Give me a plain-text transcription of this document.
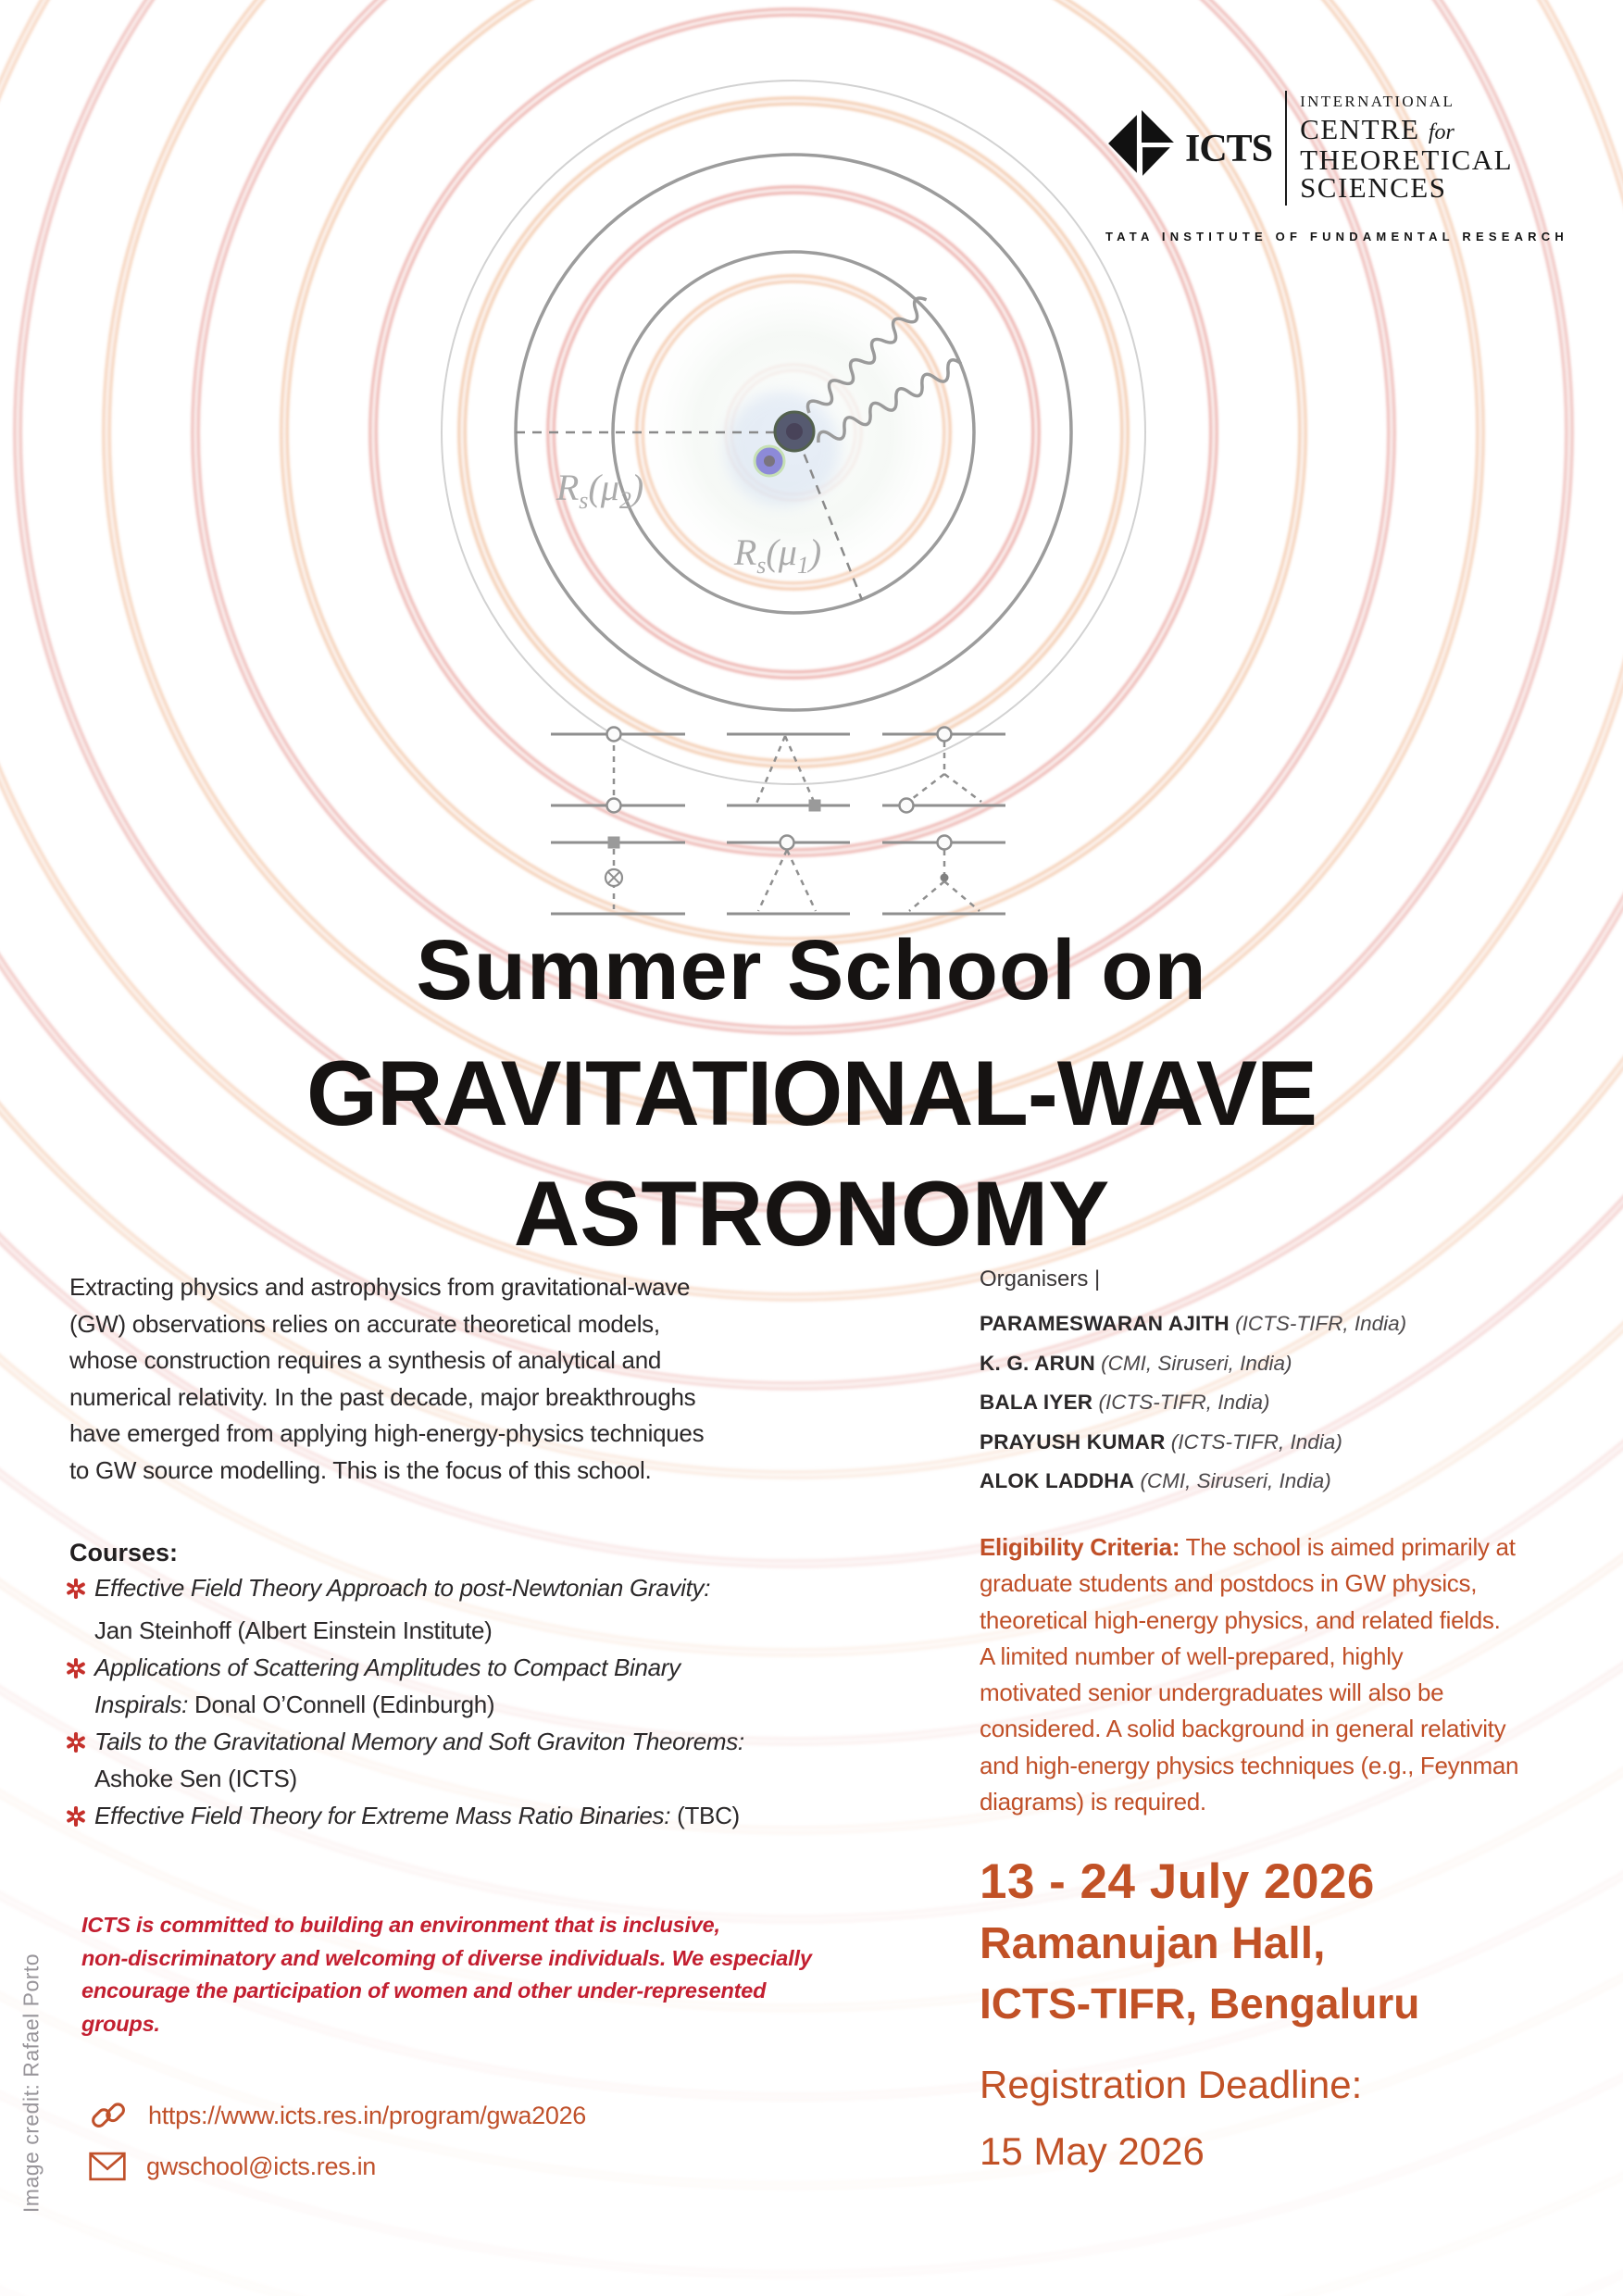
ICTS
INTERNATIONAL
CENTRE for
THEORETICAL
SCIENCES
TATA INSTITUTE OF FUNDAMENTAL RESEARCH
Summer School on
GRAVITATIONAL-WAVE
ASTRONOMY
Extracting physics and astrophysics from gravitational-wave
(GW) observations relies on accurate theoretical models,
whose construction requires a synthesis of analytical and
numerical relativity. In the past decade, major breakthroughs
have emerged from applying high-energy-physics techniques
to GW source modelling. This is the focus of this school.
Courses:
Effective Field Theory Approach to post-Newtonian Gravity:
Jan Steinhoff (Albert Einstein Institute)
Applications of Scattering Amplitudes to Compact Binary
Inspirals: Donal O’Connell (Edinburgh)
Tails to the Gravitational Memory and Soft Graviton Theorems:
Ashoke Sen (ICTS)
Effective Field Theory for Extreme Mass Ratio Binaries: (TBC)
ICTS is committed to building an environment that is inclusive,
non-discriminatory and welcoming of diverse individuals. We especially
encourage the participation of women and other under-represented
groups.
https://www.icts.res.in/program/gwa2026
gwschool@icts.res.in
Image credit: Rafael Porto
Organisers |
PARAMESWARAN AJITH (ICTS-TIFR, India)
K. G. ARUN (CMI, Siruseri, India)
BALA IYER (ICTS-TIFR, India)
PRAYUSH KUMAR (ICTS-TIFR, India)
ALOK LADDHA (CMI, Siruseri, India)
Eligibility Criteria: The school is aimed primarily at
graduate students and postdocs in GW physics,
theoretical high-energy physics, and related fields.
A limited number of well-prepared, highly
motivated senior undergraduates will also be
considered. A solid background in general relativity
and high-energy physics techniques (e.g., Feynman
diagrams) is required.
13 - 24 July 2026
Ramanujan Hall,
ICTS-TIFR, Bengaluru
Registration Deadline:
15 May 2026
